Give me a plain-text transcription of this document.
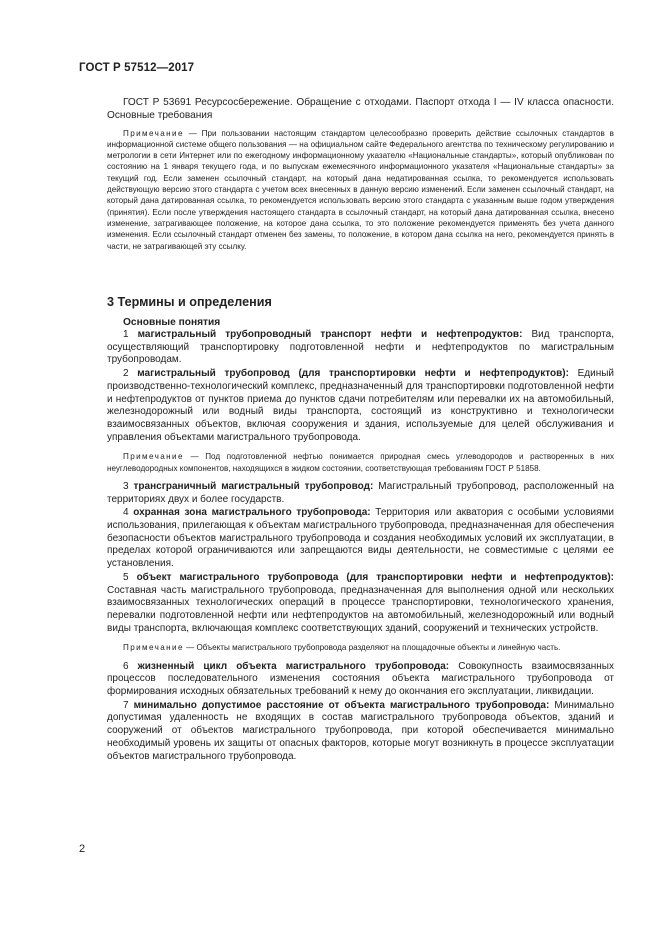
ГОСТ Р 57512—2017

ГОСТ Р 53691 Ресурсосбережение. Обращение с отходами. Паспорт отхода I — IV класса опасности. Основные требования

Примечание — При пользовании настоящим стандартом целесообразно проверить действие ссылочных стандартов в информационной системе общего пользования — на официальном сайте Федерального агентства по техническому регулированию и метрологии в сети Интернет или по ежегодному информационному указателю «Национальные стандарты», который опубликован по состоянию на 1 января текущего года, и по выпускам ежемесячного информационного указателя «Национальные стандарты» за текущий год. Если заменен ссылочный стандарт, на который дана недатированная ссылка, то рекомендуется использовать действующую версию этого стандарта с учетом всех внесенных в данную версию изменений. Если заменен ссылочный стандарт, на который дана датированная ссылка, то рекомендуется использовать версию этого стандарта с указанным выше годом утверждения (принятия). Если после утверждения настоящего стандарта в ссылочный стандарт, на который дана датированная ссылка, внесено изменение, затрагивающее положение, на которое дана ссылка, то это положение рекомендуется применять без учета данного изменения. Если ссылочный стандарт отменен без замены, то положение, в котором дана ссылка на него, рекомендуется принять в части, не затрагивающей эту ссылку.

3 Термины и определения
Основные понятия

1 магистральный трубопроводный транспорт нефти и нефтепродуктов: Вид транспорта, осуществляющий транспортировку подготовленной нефти и нефтепродуктов по магистральным трубопроводам.

2 магистральный трубопровод (для транспортировки нефти и нефтепродуктов): Единый производственно-технологический комплекс, предназначенный для транспортировки подготовленной нефти и нефтепродуктов от пунктов приема до пунктов сдачи потребителям или перевалки их на автомобильный, железнодорожный или водный виды транспорта, состоящий из конструктивно и технологически взаимосвязанных объектов, включая сооружения и здания, используемые для целей обслуживания и управления объектами магистрального трубопровода.

Примечание — Под подготовленной нефтью понимается природная смесь углеводородов и растворенных в них неуглеводородных компонентов, находящихся в жидком состоянии, соответствующая требованиям ГОСТ Р 51858.

3 трансграничный магистральный трубопровод: Магистральный трубопровод, расположенный на территориях двух и более государств.

4 охранная зона магистрального трубопровода: Территория или акватория с особыми условиями использования, прилегающая к объектам магистрального трубопровода, предназначенная для обеспечения безопасности объектов магистрального трубопровода и создания необходимых условий их эксплуатации, в пределах которой ограничиваются или запрещаются виды деятельности, не совместимые с целями ее установления.

5 объект магистрального трубопровода (для транспортировки нефти и нефтепродуктов): Составная часть магистрального трубопровода, предназначенная для выполнения одной или нескольких взаимосвязанных технологических операций в процессе транспортировки, технологического хранения, перевалки подготовленной нефти или нефтепродуктов на автомобильный, железнодорожный или водный виды транспорта, включающая комплекс соответствующих зданий, сооружений и технических устройств.

Примечание — Объекты магистрального трубопровода разделяют на площадочные объекты и линейную часть.

6 жизненный цикл объекта магистрального трубопровода: Совокупность взаимосвязанных процессов последовательного изменения состояния объекта магистрального трубопровода от формирования исходных обязательных требований к нему до окончания его эксплуатации, ликвидации.

7 минимально допустимое расстояние от объекта магистрального трубопровода: Минимально допустимая удаленность не входящих в состав магистрального трубопровода объектов, зданий и сооружений от объектов магистрального трубопровода, при которой обеспечивается минимально необходимый уровень их защиты от опасных факторов, которые могут возникнуть в процессе эксплуатации объектов магистрального трубопровода.

2
